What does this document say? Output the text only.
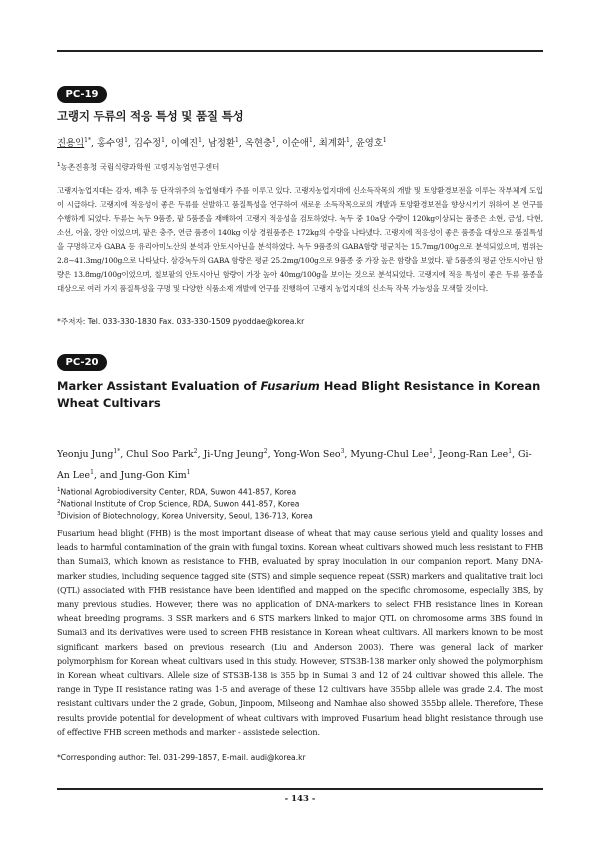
PC-19
고랭지 두류의 적응 특성 및 품질 특성
진용익$^{1*}$, 홍수영$^1$, 김수정$^1$, 이예진$^1$, 남정환$^1$, 옥현충$^1$, 이순애$^1$, 최계화$^1$, 윤영호$^1$
$^1$농촌진흥청 국립식량과학원 고령지농업연구센터

고랭지농업지대는 감자, 배추 등 단작위주의 농업형태가 주를 이루고 있다. 고랭지농업지대에 신소득작목의 개발 및 토양환경보전을 이루는 작부체계 도입이 시급하다. 고랭지에 적응성이 좋은 두류를 선발하고 품질특성을 연구하여 새로운 소득작목으로의 개발과 토양환경보전을 향상시키기 위하여 본 연구를 수행하게 되었다. 두류는 녹두 9품종, 팥 5품종을 재배하여 고랭지 적응성을 검토하였다. 녹두 중 10a당 수량이 120kg이상되는 품종은 소현, 금성, 다현, 소선, 어울, 장안 이었으며, 팥은 충주, 연금 품종이 140kg 이상 경원품종은 172kg의 수량을 나타냈다. 고랭지에 적응성이 좋은 품종을 대상으로 품질특성을 구명하고자 GABA 등 유리아미노산의 분석과 안토시아닌을 분석하였다. 녹두 9품종의 GABA함량 평균치는 15.7mg/100g으로 분석되었으며, 범위는 2.8∼41.3mg/100g으로 나타났다. 삼강녹두의 GABA 함량은 평균 25.2mg/100g으로 9품종 중 가장 높은 함량을 보였다. 팥 5품종의 평균 안토시아닌 함량은 13.8mg/100g이었으며, 칠보팥의 안토시아닌 함량이 가장 높아 40mg/100g을 보이는 것으로 분석되었다. 고랭지에 적응 특성이 좋은 두류 품종을 대상으로 여러 가지 품질특성을 구명 및 다양한 식품소재 개발에 연구를 진행하여 고랭지 농업지대의 신소득 작목 가능성을 모색할 것이다.

*주저자: Tel. 033-330-1830 Fax. 033-330-1509 pyoddae@korea.kr
PC-20
Marker Assistant Evaluation of Fusarium Head Blight Resistance in Korean Wheat Cultivars
Yeonju Jung$^{1*}$, Chul Soo Park$^2$, Ji-Ung Jeung$^2$, Yong-Won Seo$^3$, Myung-Chul Lee$^1$, Jeong-Ran Lee$^1$, Gi-An Lee$^1$, and Jung-Gon Kim$^1$
$^1$National Agrobiodiversity Center, RDA, Suwon 441-857, Korea
$^2$National Institute of Crop Science, RDA, Suwon 441-857, Korea
$^3$Division of Biotechnology, Korea University, Seoul, 136-713, Korea

Fusarium head blight (FHB) is the most important disease of wheat that may cause serious yield and quality losses and leads to harmful contamination of the grain with fungal toxins. Korean wheat cultivars showed much less resistant to FHB than Sumai3, which known as resistance to FHB, evaluated by spray inoculation in our companion report. Many DNA-marker studies, including sequence tagged site (STS) and simple sequence repeat (SSR) markers and qualitative trait loci (QTL) associated with FHB resistance have been identified and mapped on the specific chromosome, especially 3BS, by many previous studies. However, there was no application of DNA-markers to select FHB resistance lines in Korean wheat breeding programs. 3 SSR markers and 6 STS markers linked to major QTL on chromosome arms 3BS found in Sumai3 and its derivatives were used to screen FHB resistance in Korean wheat cultivars. All markers known to be most significant markers based on previous research (Liu and Anderson 2003). There was general lack of marker polymorphism for Korean wheat cultivars used in this study. However, STS3B-138 marker only showed the polymorphism in Korean wheat cultivars. Allele size of STS3B-138 is 355 bp in Sumai 3 and 12 of 24 cultivar showed this allele. The range in Type II resistance rating was 1-5 and average of these 12 cultivars have 355bp allele was grade 2.4. The most resistant cultivars under the 2 grade, Gobun, Jinpoom, Milseong and Namhae also showed 355bp allele. Therefore, These results provide potential for development of wheat cultivars with improved Fusarium head blight resistance through use of effective FHB screen methods and marker - assistede selection.

*Corresponding author: Tel. 031-299-1857, E-mail. audi@korea.kr
- 143 -
